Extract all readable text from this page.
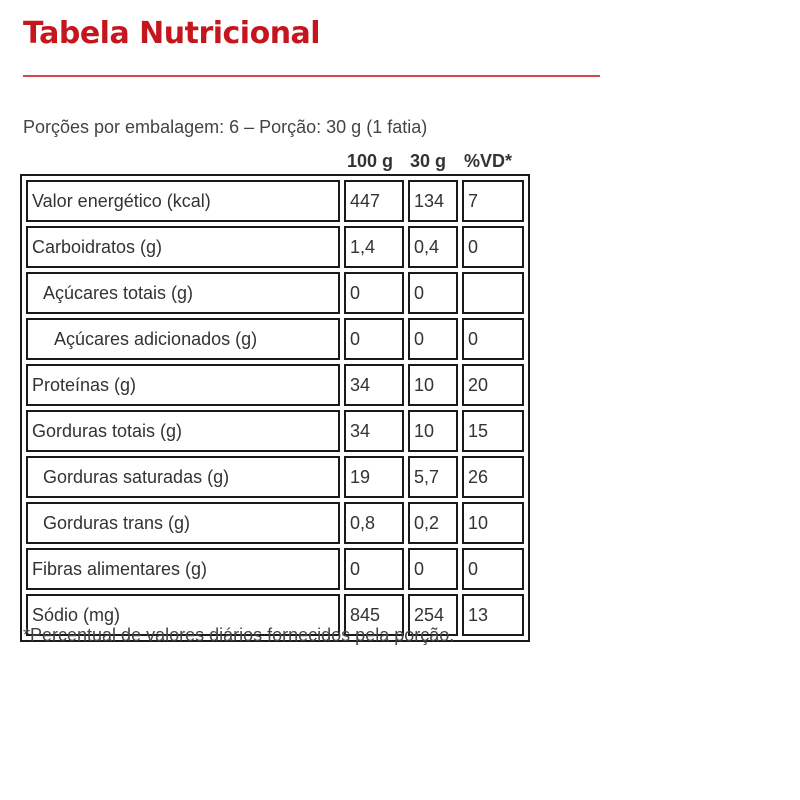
Tabela Nutricional
Porções por embalagem: 6 – Porção: 30 g (1 fatia)
100 g 30 g %VD*
Valor energético (kcal)	447	134	7
Carboidratos (g)	1,4	0,4	0
Açúcares totais (g)	0	0	
Açúcares adicionados (g)	0	0	0
Proteínas (g)	34	10	20
Gorduras totais (g)	34	10	15
Gorduras saturadas (g)	19	5,7	26
Gorduras trans (g)	0,8	0,2	10
Fibras alimentares (g)	0	0	0
Sódio (mg)	845	254	13
*Percentual de valores diários fornecidos pela porção.
